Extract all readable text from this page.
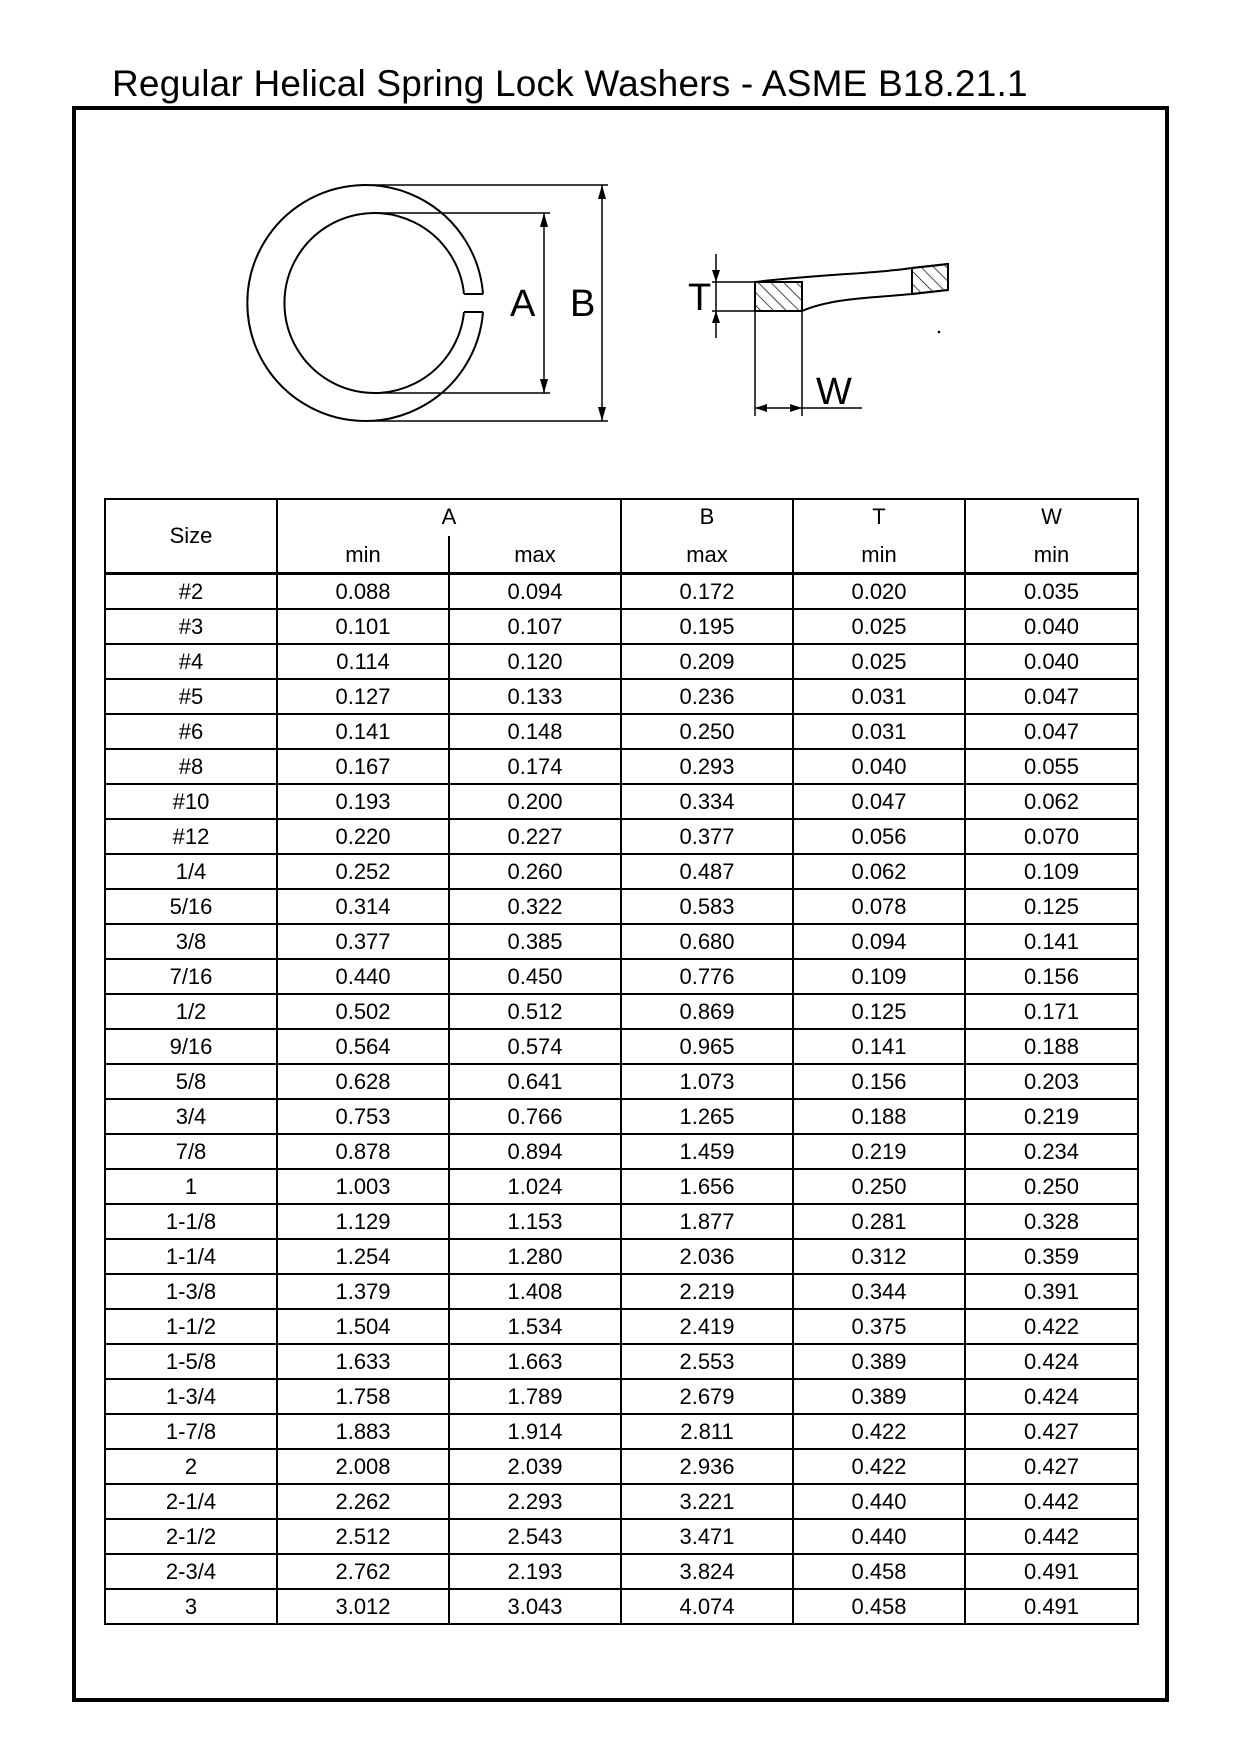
Regular Helical Spring Lock Washers - ASME B18.21.1
A B T
W
Size	A		B	T	W
	min	max	max	min	min
#2	0.088	0.094	0.172	0.020	0.035
#3	0.101	0.107	0.195	0.025	0.040
#4	0.114	0.120	0.209	0.025	0.040
#5	0.127	0.133	0.236	0.031	0.047
#6	0.141	0.148	0.250	0.031	0.047
#8	0.167	0.174	0.293	0.040	0.055
#10	0.193	0.200	0.334	0.047	0.062
#12	0.220	0.227	0.377	0.056	0.070
1/4	0.252	0.260	0.487	0.062	0.109
5/16	0.314	0.322	0.583	0.078	0.125
3/8	0.377	0.385	0.680	0.094	0.141
7/16	0.440	0.450	0.776	0.109	0.156
1/2	0.502	0.512	0.869	0.125	0.171
9/16	0.564	0.574	0.965	0.141	0.188
5/8	0.628	0.641	1.073	0.156	0.203
3/4	0.753	0.766	1.265	0.188	0.219
7/8	0.878	0.894	1.459	0.219	0.234
1	1.003	1.024	1.656	0.250	0.250
1-1/8	1.129	1.153	1.877	0.281	0.328
1-1/4	1.254	1.280	2.036	0.312	0.359
1-3/8	1.379	1.408	2.219	0.344	0.391
1-1/2	1.504	1.534	2.419	0.375	0.422
1-5/8	1.633	1.663	2.553	0.389	0.424
1-3/4	1.758	1.789	2.679	0.389	0.424
1-7/8	1.883	1.914	2.811	0.422	0.427
2	2.008	2.039	2.936	0.422	0.427
2-1/4	2.262	2.293	3.221	0.440	0.442
2-1/2	2.512	2.543	3.471	0.440	0.442
2-3/4	2.762	2.193	3.824	0.458	0.491
3	3.012	3.043	4.074	0.458	0.491
